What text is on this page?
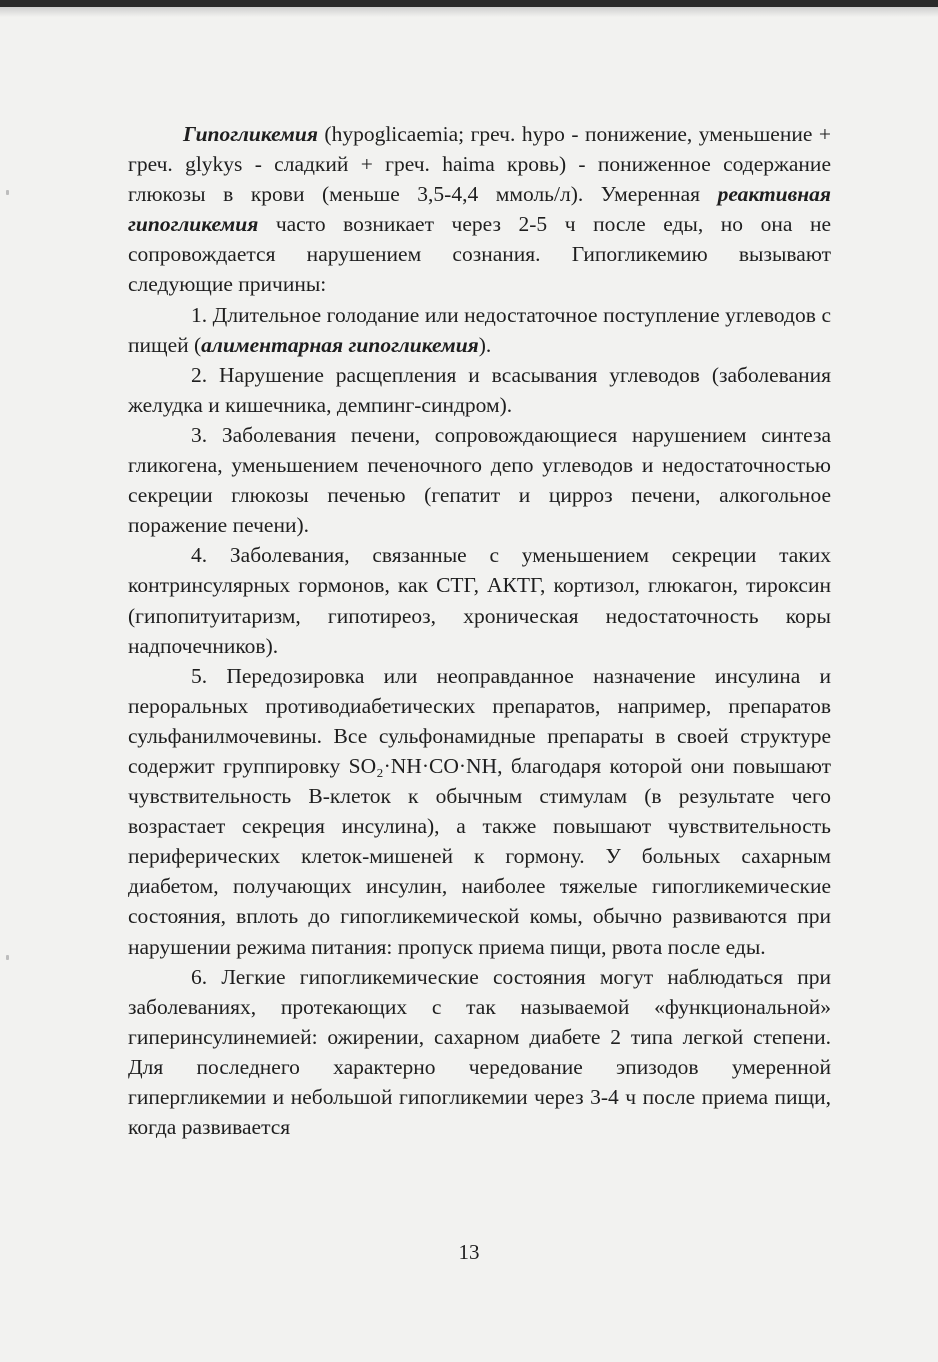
Гипогликемия (hypoglicaemia; греч. hypo - понижение, уменьшение + греч. glykys - сладкий + греч. haima кровь) - пониженное содержание глюкозы в крови (меньше 3,5-4,4 ммоль/л). Умеренная реактивная гипогликемия часто возникает через 2-5 ч после еды, но она не сопровождается нарушением сознания. Гипогликемию вызывают следующие причины:

1. Длительное голодание или недостаточное поступление углеводов с пищей (алиментарная гипогликемия).

2. Нарушение расщепления и всасывания углеводов (заболевания желудка и кишечника, демпинг-синдром).

3. Заболевания печени, сопровождающиеся нарушением синтеза гликогена, уменьшением печеночного депо углеводов и недостаточностью секреции глюкозы печенью (гепатит и цирроз печени, алкогольное поражение печени).

4. Заболевания, связанные с уменьшением секреции таких контринсулярных гормонов, как СТГ, АКТГ, кортизол, глюкагон, тироксин (гипопитуитаризм, гипотиреоз, хроническая недостаточность коры надпочечников).

5. Передозировка или неоправданное назначение инсулина и пероральных противодиабетических препаратов, например, препаратов сульфанилмочевины. Все сульфонамидные препараты в своей структуре содержит группировку SO₂·NH·CO·NH, благодаря которой они повышают чувствительность B-клеток к обычным стимулам (в результате чего возрастает секреция инсулина), а также повышают чувствительность периферических клеток-мишеней к гормону. У больных сахарным диабетом, получающих инсулин, наиболее тяжелые гипогликемические состояния, вплоть до гипогликемической комы, обычно развиваются при нарушении режима питания: пропуск приема пищи, рвота после еды.

6. Легкие гипогликемические состояния могут наблюдаться при заболеваниях, протекающих с так называемой «функциональной» гиперинсулинемией: ожирении, сахарном диабете 2 типа легкой степени. Для последнего характерно чередование эпизодов умеренной гипергликемии и небольшой гипогликемии через 3-4 ч после приема пищи, когда развивается

13
